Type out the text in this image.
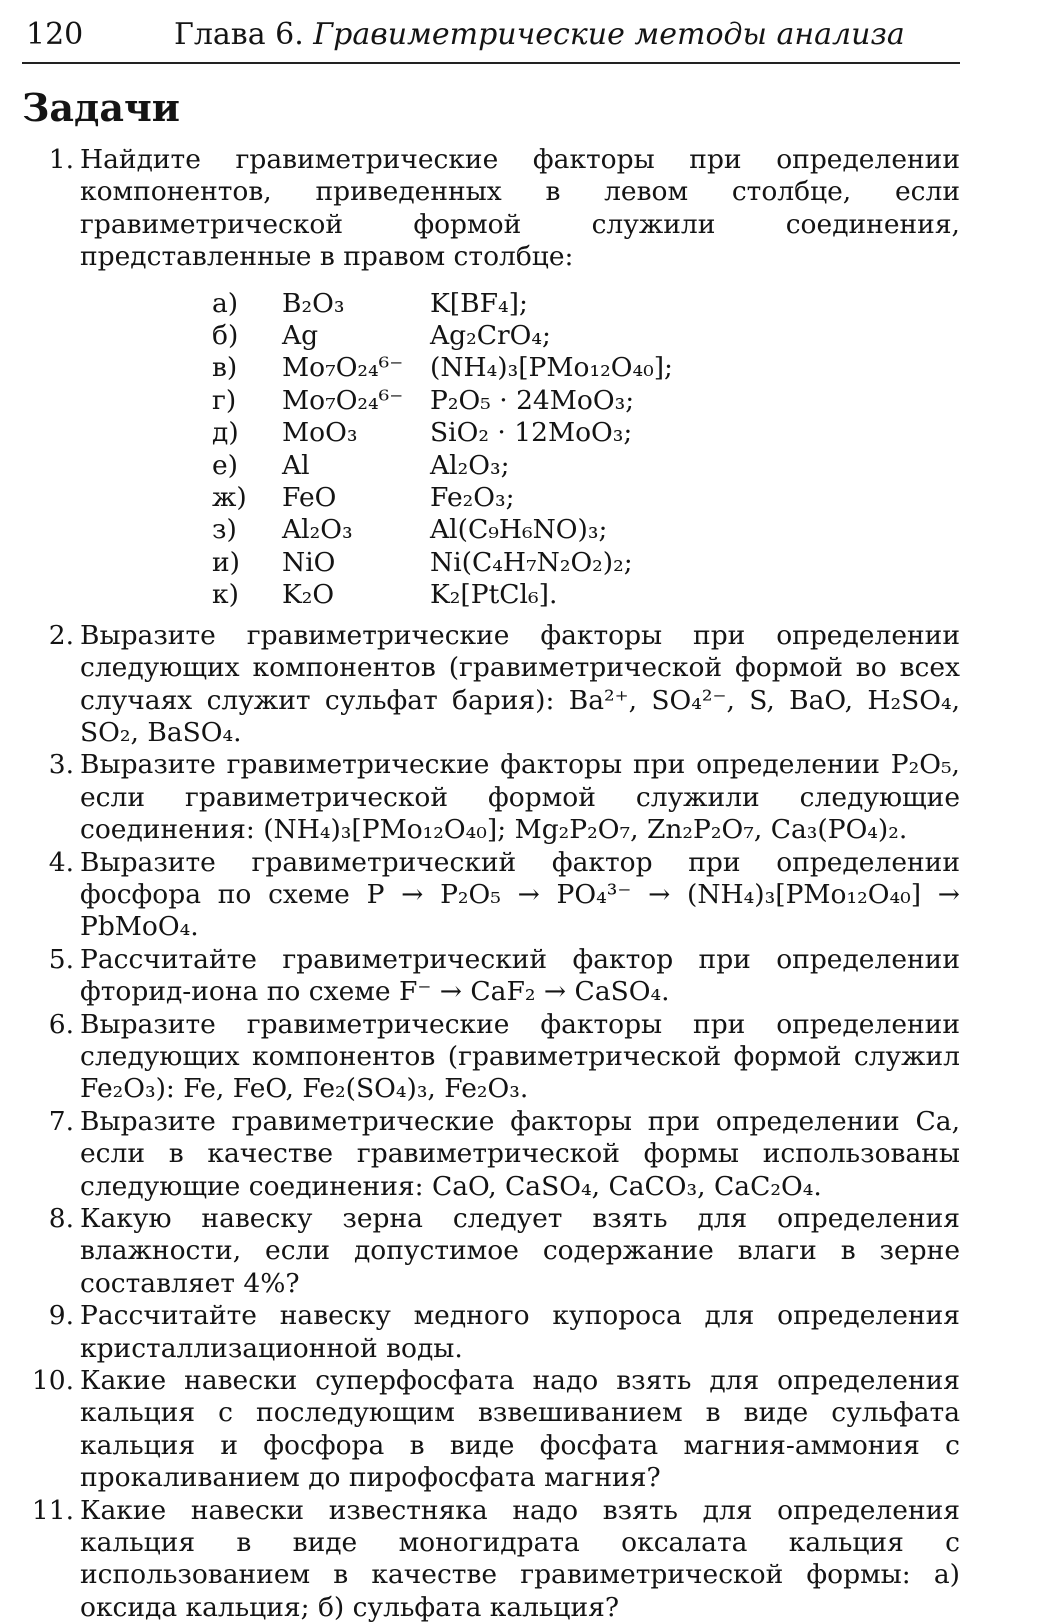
120	Глава 6. Гравиметрические методы анализа
Задачи
1. Найдите гравиметрические факторы при определении компонентов, приведенных в левом столбце, если гравиметрической формой служили соединения, представленные в правом столбце:
а)	B₂O₃	K[BF₄];
б)	Ag	Ag₂CrO₄;
в)	Mo₇O₂₄⁶⁻	(NH₄)₃[PMo₁₂O₄₀];
г)	Mo₇O₂₄⁶⁻	P₂O₅ · 24MoO₃;
д)	MoO₃	SiO₂ · 12MoO₃;
е)	Al	Al₂O₃;
ж)	FeO	Fe₂O₃;
з)	Al₂O₃	Al(C₉H₆NO)₃;
и)	NiO	Ni(C₄H₇N₂O₂)₂;
к)	K₂O	K₂[PtCl₆].
2. Выразите гравиметрические факторы при определении следующих компонентов (гравиметрической формой во всех случаях служит сульфат бария): Ba²⁺, SO₄²⁻, S, BaO, H₂SO₄, SO₂, BaSO₄.
3. Выразите гравиметрические факторы при определении P₂O₅, если гравиметрической формой служили следующие соединения: (NH₄)₃[PMo₁₂O₄₀]; Mg₂P₂O₇, Zn₂P₂O₇, Ca₃(PO₄)₂.
4. Выразите гравиметрический фактор при определении фосфора по схеме P → P₂O₅ → PO₄³⁻ → (NH₄)₃[PMo₁₂O₄₀] → PbMoO₄.
5. Рассчитайте гравиметрический фактор при определении фторид-иона по схеме F⁻ → CaF₂ → CaSO₄.
6. Выразите гравиметрические факторы при определении следующих компонентов (гравиметрической формой служил Fe₂O₃): Fe, FeO, Fe₂(SO₄)₃, Fe₂O₃.
7. Выразите гравиметрические факторы при определении Ca, если в качестве гравиметрической формы использованы следующие соединения: CaO, CaSO₄, CaCO₃, CaC₂O₄.
8. Какую навеску зерна следует взять для определения влажности, если допустимое содержание влаги в зерне составляет 4%?
9. Рассчитайте навеску медного купороса для определения кристаллизационной воды.
10. Какие навески суперфосфата надо взять для определения кальция с последующим взвешиванием в виде сульфата кальция и фосфора в виде фосфата магния-аммония с прокаливанием до пирофосфата магния?
11. Какие навески известняка надо взять для определения кальция в виде моногидрата оксалата кальция с использованием в качестве гравиметрической формы: а) оксида кальция; б) сульфата кальция?
